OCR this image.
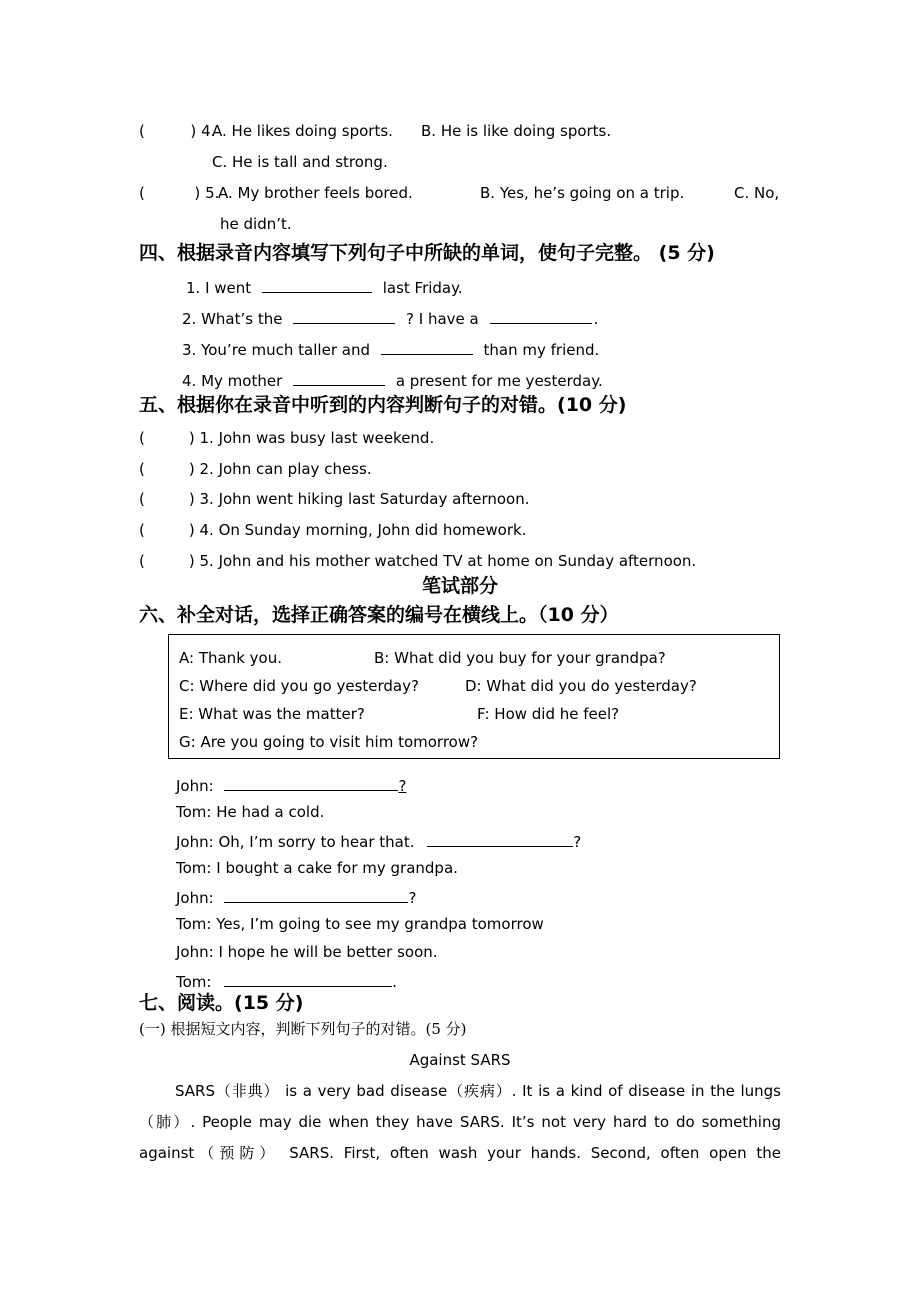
(	) 4.
A. He likes doing sports. B. He is like doing sports.
C. He is tall and strong.
(	) 5.
A. My brother feels bored.	B. Yes, he’s going on a trip.	C. No,
he didn’t.
四、根据录音内容填写下列句子中所缺的单词，使句子完整。 (5 分)
1. I went	last Friday.
2. What’s the	? I have a	.
3. You’re much taller and	than my friend.
4. My mother	a present for me yesterday.
五、根据你在录音中听到的内容判断句子的对错。(10 分)
(	) 1. John was busy last weekend.
(	) 2. John can play chess.
(	) 3. John went hiking last Saturday afternoon.
(	) 4. On Sunday morning, John did homework.
(	) 5. John and his mother watched TV at home on Sunday afternoon.
笔试部分
六、补全对话，选择正确答案的编号在横线上。（10 分）
A: Thank you.	B: What did you buy for your grandpa?
C: Where did you go yesterday?	D: What did you do yesterday?
E: What was the matter?	F: How did he feel?
G: Are you going to visit him tomorrow?
John:	?
Tom: He had a cold.
John: Oh, I’m sorry to hear that.	?
Tom: I bought a cake for my grandpa.
John:	?
Tom: Yes, I’m going to see my grandpa tomorrow
John: I hope he will be better soon.
Tom:	.
七、阅读。(15 分)
(一) 根据短文内容，判断下列句子的对错。(5 分)
Against SARS
SARS（非典） is a very bad disease（疾病）. It is a kind of disease in the lungs
（肺）. People may die when they have SARS. It’s not very hard to do something
against（预防） SARS. First, often wash your hands. Second, often open the
